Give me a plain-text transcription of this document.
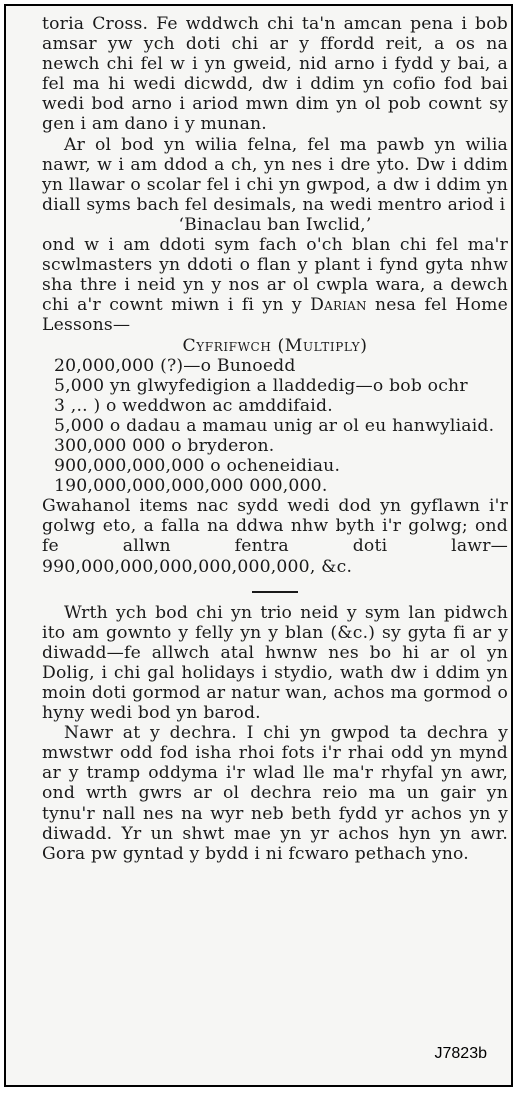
toria Cross. Fe wddwch chi ta'n amcan pena i bob amsar yw ych doti chi ar y ffordd reit, a os na newch chi fel w i yn gweid, nid arno i fydd y bai, a fel ma hi wedi dicwdd, dw i ddim yn cofio fod bai wedi bod arno i ariod mwn dim yn ol pob cownt sy gen i am dano i y munan.

Ar ol bod yn wilia felna, fel ma pawb yn wilia nawr, w i am ddod a ch, yn nes i dre yto. Dw i ddim yn llawar o scolar fel i chi yn gwpod, a dw i ddim yn diall syms bach fel desimals, na wedi mentro ariod i

‘Binaclau ban Iwclid,’

ond w i am ddoti sym fach o'ch blan chi fel ma'r scwlmasters yn ddoti o flan y plant i fynd gyta nhw sha thre i neid yn y nos ar ol cwpla wara, a dewch chi a'r cownt miwn i fi yn y Darian nesa fel Home Lessons—

Cyfrifwch (Multiply)

20,000,000 (?)—o Bunoedd
5,000 yn glwyfedigion a lladdedig—o bob ochr
3 ,.. ) o weddwon ac amddifaid.
5,000 o dadau a mamau unig ar ol eu hanwyliaid.
300,000 000 o bryderon.
900,000,000,000 o ocheneidiau.
190,000,000,000,000 000,000.

Gwahanol items nac sydd wedi dod yn gyflawn i'r golwg eto, a falla na ddwa nhw byth i'r golwg; ond fe allwn fentra doti lawr—990,000,000,000,000,000,000, &c.

Wrth ych bod chi yn trio neid y sym lan pidwch ito am gownto y felly yn y blan (&c.) sy gyta fi ar y diwadd—fe allwch atal hwnw nes bo hi ar ol yn Dolig, i chi gal holidays i stydio, wath dw i ddim yn moin doti gormod ar natur wan, achos ma gormod o hyny wedi bod yn barod.

Nawr at y dechra. I chi yn gwpod ta dechra y mwstwr odd fod isha rhoi fots i'r rhai odd yn mynd ar y tramp oddyma i'r wlad lle ma'r rhyfal yn awr, ond wrth gwrs ar ol dechra reio ma un gair yn tynu'r nall nes na wyr neb beth fydd yr achos yn y diwadd. Yr un shwt mae yn yr achos hyn yn awr. Gora pw gyntad y bydd i ni fcwaro pethach yno.

J7823b
